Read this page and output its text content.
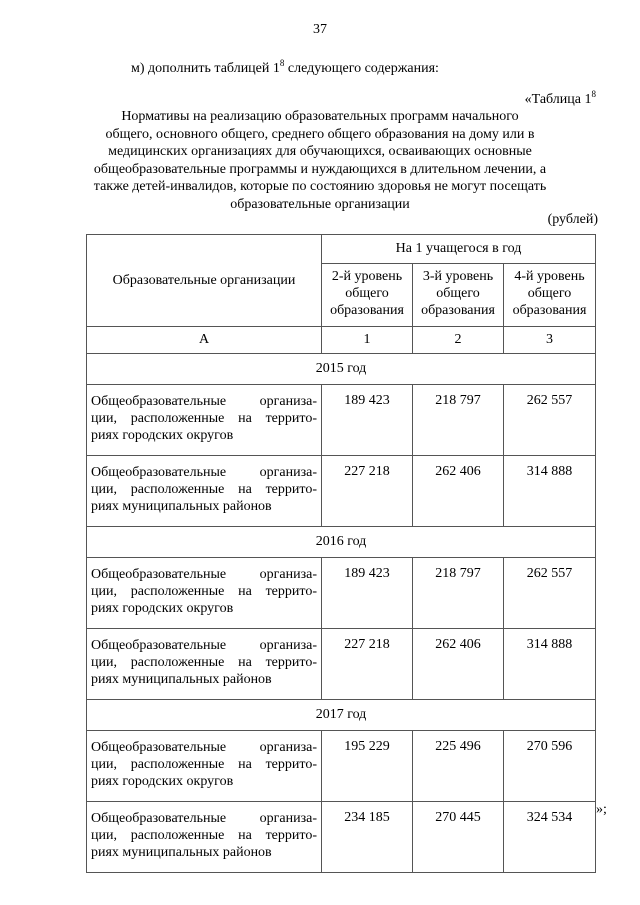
37
м) дополнить таблицей $1^8$ следующего содержания:
«Таблица $1^8$
Нормативы на реализацию образовательных программ начального
общего, основного общего, среднего общего образования на дому или в
медицинских организациях для обучающихся, осваивающих основные
общеобразовательные программы и нуждающихся в длительном лечении, а
также детей-инвалидов, которые по состоянию здоровья не могут посещать
образовательные организации
(рублей)
Образовательные организации	На 1 учащегося в год		
	2-й уровень общего образования	3-й уровень общего образования	4-й уровень общего образования
А	1	2	3
2015 год			

Общеобразовательные организа-
ции, расположенные на террито-
риях городских округов	189 423	218 797	262 557

Общеобразовательные организа-
ции, расположенные на террито-
риях муниципальных районов	227 218	262 406	314 888
2016 год			

Общеобразовательные организа-
ции, расположенные на террито-
риях городских округов	189 423	218 797	262 557

Общеобразовательные организа-
ции, расположенные на террито-
риях муниципальных районов	227 218	262 406	314 888
2017 год			

Общеобразовательные организа-
ции, расположенные на террито-
риях городских округов	195 229	225 496	270 596

Общеобразовательные организа-
ции, расположенные на террито-
риях муниципальных районов	234 185	270 445	324 534
»;
